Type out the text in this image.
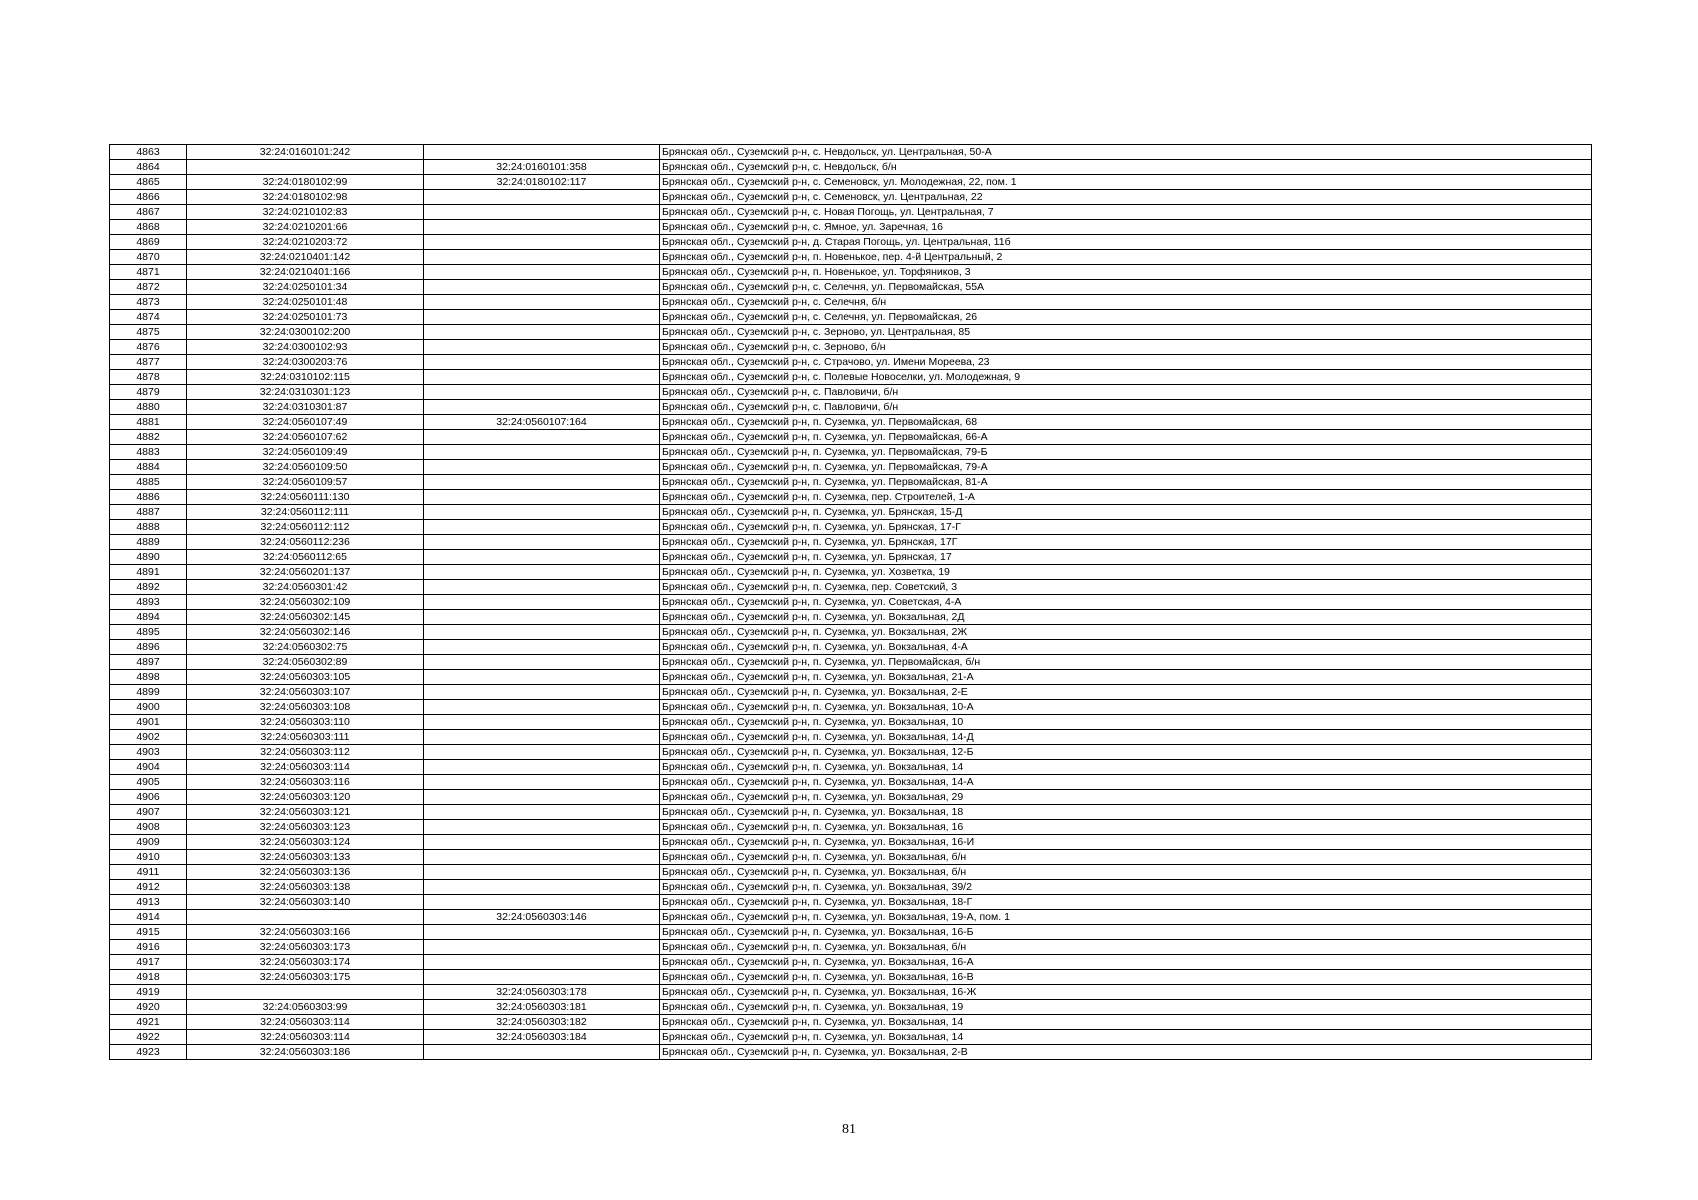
4863	32:24:0160101:242		Брянская обл., Суземский р-н, с. Невдольск, ул. Центральная, 50-А
4864		32:24:0160101:358	Брянская обл., Суземский р-н, с. Невдольск, б/н
4865	32:24:0180102:99	32:24:0180102:117	Брянская обл., Суземский р-н, с. Семеновск, ул. Молодежная, 22, пом. 1
4866	32:24:0180102:98		Брянская обл., Суземский р-н, с. Семеновск, ул. Центральная, 22
4867	32:24:0210102:83		Брянская обл., Суземский р-н, с. Новая Погощь, ул. Центральная, 7
4868	32:24:0210201:66		Брянская обл., Суземский р-н, с. Ямное, ул. Заречная, 16
4869	32:24:0210203:72		Брянская обл., Суземский р-н, д. Старая Погощь, ул. Центральная, 11б
4870	32:24:0210401:142		Брянская обл., Суземский р-н, п. Новенькое, пер. 4-й Центральный, 2
4871	32:24:0210401:166		Брянская обл., Суземский р-н, п. Новенькое, ул. Торфяников, 3
4872	32:24:0250101:34		Брянская обл., Суземский р-н, с. Селечня, ул. Первомайская, 55А
4873	32:24:0250101:48		Брянская обл., Суземский р-н, с. Селечня, б/н
4874	32:24:0250101:73		Брянская обл., Суземский р-н, с. Селечня, ул. Первомайская, 26
4875	32:24:0300102:200		Брянская обл., Суземский р-н, с. Зерново, ул. Центральная, 85
4876	32:24:0300102:93		Брянская обл., Суземский р-н, с. Зерново, б/н
4877	32:24:0300203:76		Брянская обл., Суземский р-н, с. Страчово, ул. Имени Мореева, 23
4878	32:24:0310102:115		Брянская обл., Суземский р-н, с. Полевые Новоселки, ул. Молодежная, 9
4879	32:24:0310301:123		Брянская обл., Суземский р-н, с. Павловичи, б/н
4880	32:24:0310301:87		Брянская обл., Суземский р-н, с. Павловичи, б/н
4881	32:24:0560107:49	32:24:0560107:164	Брянская обл., Суземский р-н, п. Суземка, ул. Первомайская, 68
4882	32:24:0560107:62		Брянская обл., Суземский р-н, п. Суземка, ул. Первомайская, 66-А
4883	32:24:0560109:49		Брянская обл., Суземский р-н, п. Суземка, ул. Первомайская, 79-Б
4884	32:24:0560109:50		Брянская обл., Суземский р-н, п. Суземка, ул. Первомайская, 79-А
4885	32:24:0560109:57		Брянская обл., Суземский р-н, п. Суземка, ул. Первомайская, 81-А
4886	32:24:0560111:130		Брянская обл., Суземский р-н, п. Суземка, пер. Строителей, 1-А
4887	32:24:0560112:111		Брянская обл., Суземский р-н, п. Суземка, ул. Брянская, 15-Д
4888	32:24:0560112:112		Брянская обл., Суземский р-н, п. Суземка, ул. Брянская, 17-Г
4889	32:24:0560112:236		Брянская обл., Суземский р-н, п. Суземка, ул. Брянская, 17Г
4890	32:24:0560112:65		Брянская обл., Суземский р-н, п. Суземка, ул. Брянская, 17
4891	32:24:0560201:137		Брянская обл., Суземский р-н, п. Суземка, ул. Хозветка, 19
4892	32:24:0560301:42		Брянская обл., Суземский р-н, п. Суземка, пер. Советский, 3
4893	32:24:0560302:109		Брянская обл., Суземский р-н, п. Суземка, ул. Советская, 4-А
4894	32:24:0560302:145		Брянская обл., Суземский р-н, п. Суземка, ул. Вокзальная, 2Д
4895	32:24:0560302:146		Брянская обл., Суземский р-н, п. Суземка, ул. Вокзальная, 2Ж
4896	32:24:0560302:75		Брянская обл., Суземский р-н, п. Суземка, ул. Вокзальная, 4-А
4897	32:24:0560302:89		Брянская обл., Суземский р-н, п. Суземка, ул. Первомайская, б/н
4898	32:24:0560303:105		Брянская обл., Суземский р-н, п. Суземка, ул. Вокзальная, 21-А
4899	32:24:0560303:107		Брянская обл., Суземский р-н, п. Суземка, ул. Вокзальная, 2-Е
4900	32:24:0560303:108		Брянская обл., Суземский р-н, п. Суземка, ул. Вокзальная, 10-А
4901	32:24:0560303:110		Брянская обл., Суземский р-н, п. Суземка, ул. Вокзальная, 10
4902	32:24:0560303:111		Брянская обл., Суземский р-н, п. Суземка, ул. Вокзальная, 14-Д
4903	32:24:0560303:112		Брянская обл., Суземский р-н, п. Суземка, ул. Вокзальная, 12-Б
4904	32:24:0560303:114		Брянская обл., Суземский р-н, п. Суземка, ул. Вокзальная, 14
4905	32:24:0560303:116		Брянская обл., Суземский р-н, п. Суземка, ул. Вокзальная, 14-А
4906	32:24:0560303:120		Брянская обл., Суземский р-н, п. Суземка, ул. Вокзальная, 29
4907	32:24:0560303:121		Брянская обл., Суземский р-н, п. Суземка, ул. Вокзальная, 18
4908	32:24:0560303:123		Брянская обл., Суземский р-н, п. Суземка, ул. Вокзальная, 16
4909	32:24:0560303:124		Брянская обл., Суземский р-н, п. Суземка, ул. Вокзальная, 16-И
4910	32:24:0560303:133		Брянская обл., Суземский р-н, п. Суземка, ул. Вокзальная, б/н
4911	32:24:0560303:136		Брянская обл., Суземский р-н, п. Суземка, ул. Вокзальная, б/н
4912	32:24:0560303:138		Брянская обл., Суземский р-н, п. Суземка, ул. Вокзальная, 39/2
4913	32:24:0560303:140		Брянская обл., Суземский р-н, п. Суземка, ул. Вокзальная, 18-Г
4914		32:24:0560303:146	Брянская обл., Суземский р-н, п. Суземка, ул. Вокзальная, 19-А, пом. 1
4915	32:24:0560303:166		Брянская обл., Суземский р-н, п. Суземка, ул. Вокзальная, 16-Б
4916	32:24:0560303:173		Брянская обл., Суземский р-н, п. Суземка, ул. Вокзальная, б/н
4917	32:24:0560303:174		Брянская обл., Суземский р-н, п. Суземка, ул. Вокзальная, 16-А
4918	32:24:0560303:175		Брянская обл., Суземский р-н, п. Суземка, ул. Вокзальная, 16-В
4919		32:24:0560303:178	Брянская обл., Суземский р-н, п. Суземка, ул. Вокзальная, 16-Ж
4920	32:24:0560303:99	32:24:0560303:181	Брянская обл., Суземский р-н, п. Суземка, ул. Вокзальная, 19
4921	32:24:0560303:114	32:24:0560303:182	Брянская обл., Суземский р-н, п. Суземка, ул. Вокзальная, 14
4922	32:24:0560303:114	32:24:0560303:184	Брянская обл., Суземский р-н, п. Суземка, ул. Вокзальная, 14
4923	32:24:0560303:186		Брянская обл., Суземский р-н, п. Суземка, ул. Вокзальная, 2-В
81
